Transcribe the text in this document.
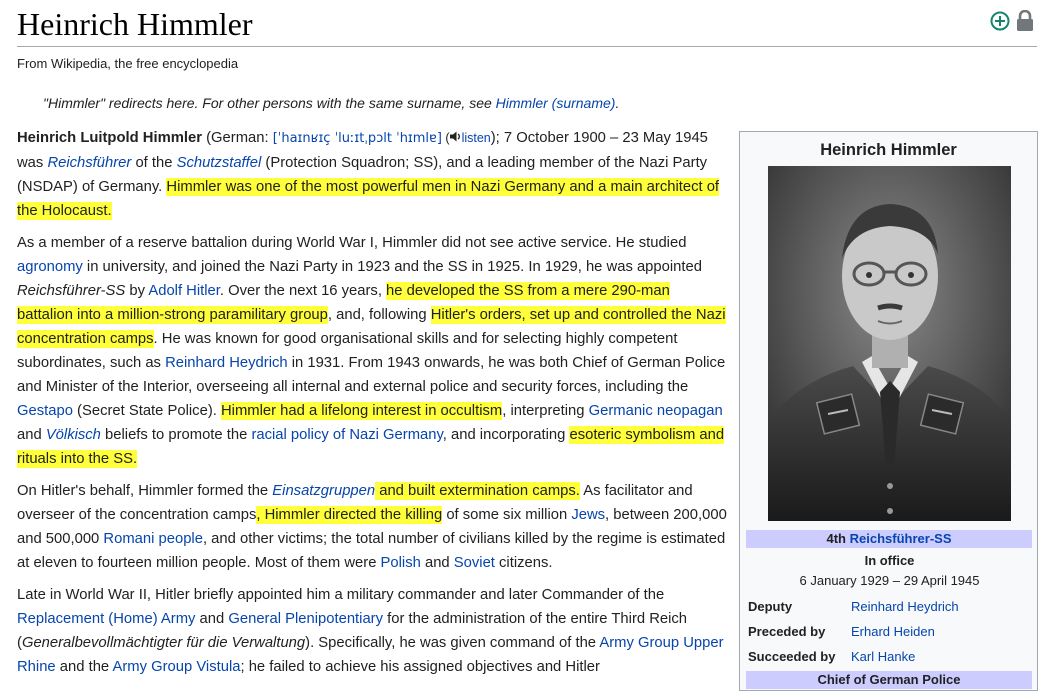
Heinrich Himmler
From Wikipedia, the free encyclopedia
"Himmler" redirects here. For other persons with the same surname, see Himmler (surname).

Heinrich Luitpold Himmler (German: [ˈhaɪnʁɪç ˈluːɪtˌpɔlt ˈhɪmlɐ] ( listen); 7 October 1900 – 23 May 1945 was Reichsführer of the Schutzstaffel (Protection Squadron; SS), and a leading member of the Nazi Party (NSDAP) of Germany. Himmler was one of the most powerful men in Nazi Germany and a main architect of the Holocaust.

As a member of a reserve battalion during World War I, Himmler did not see active service. He studied agronomy in university, and joined the Nazi Party in 1923 and the SS in 1925. In 1929, he was appointed Reichsführer-SS by Adolf Hitler. Over the next 16 years, he developed the SS from a mere 290-man battalion into a million-strong paramilitary group, and, following Hitler's orders, set up and controlled the Nazi concentration camps. He was known for good organisational skills and for selecting highly competent subordinates, such as Reinhard Heydrich in 1931. From 1943 onwards, he was both Chief of German Police and Minister of the Interior, overseeing all internal and external police and security forces, including the Gestapo (Secret State Police). Himmler had a lifelong interest in occultism, interpreting Germanic neopagan and Völkisch beliefs to promote the racial policy of Nazi Germany, and incorporating esoteric symbolism and rituals into the SS.

On Hitler's behalf, Himmler formed the Einsatzgruppen and built extermination camps. As facilitator and overseer of the concentration camps, Himmler directed the killing of some six million Jews, between 200,000 and 500,000 Romani people, and other victims; the total number of civilians killed by the regime is estimated at eleven to fourteen million people. Most of them were Polish and Soviet citizens.

Late in World War II, Hitler briefly appointed him a military commander and later Commander of the Replacement (Home) Army and General Plenipotentiary for the administration of the entire Third Reich (Generalbevollmächtigter für die Verwaltung). Specifically, he was given command of the Army Group Upper Rhine and the Army Group Vistula; he failed to achieve his assigned objectives and Hitler

Heinrich Himmler
4th Reichsführer-SS
In office
6 January 1929 – 29 April 1945
Deputy	Reinhard Heydrich
Preceded by Erhard Heiden
Succeeded by Karl Hanke
Chief of German Police
